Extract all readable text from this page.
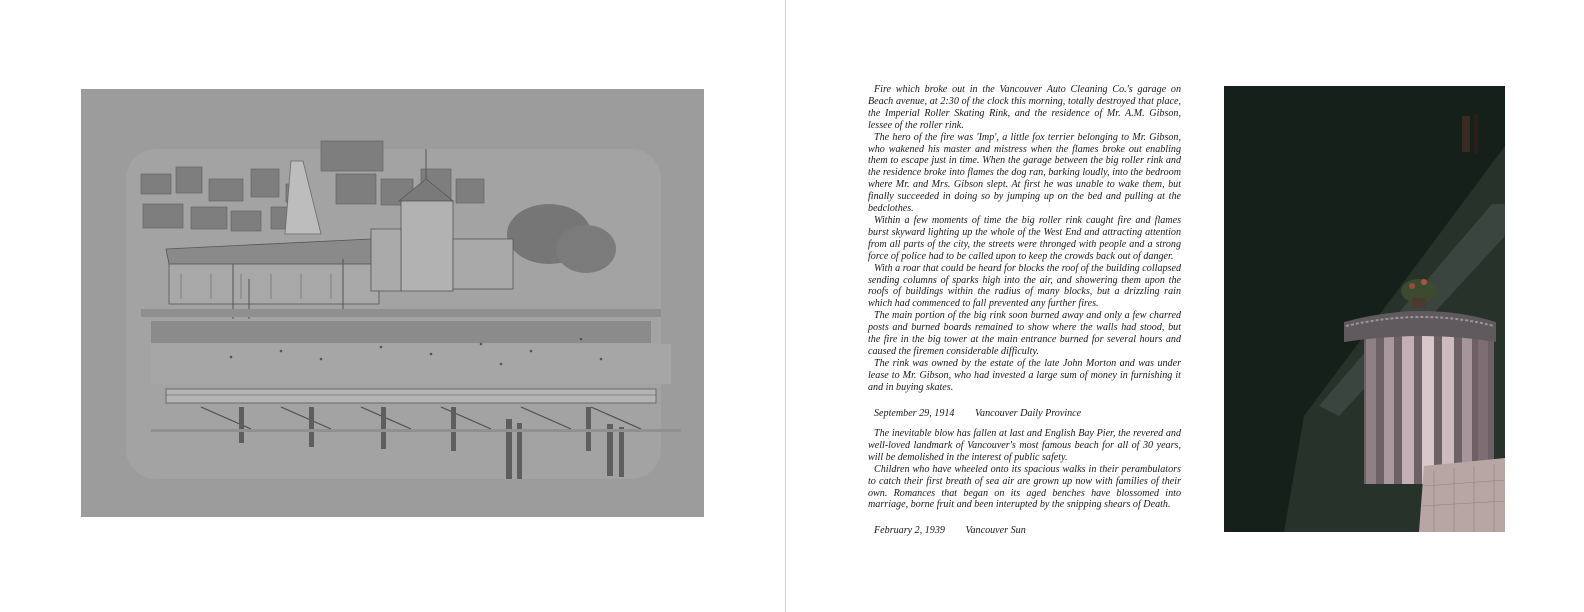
Fire which broke out in the Vancouver Auto Cleaning Co.'s garage on Beach avenue, at 2:30 of the clock this morning, totally destroyed that place, the Imperial Roller Skating Rink, and the residence of Mr. A.M. Gibson, lessee of the roller rink.

The hero of the fire was 'Imp', a little fox terrier belonging to Mr. Gibson, who wakened his master and mistress when the flames broke out enabling them to escape just in time. When the garage between the big roller rink and the residence broke into flames the dog ran, barking loudly, into the bedroom where Mr. and Mrs. Gibson slept. At first he was unable to wake them, but finally succeeded in doing so by jumping up on the bed and pulling at the bedclothes.

Within a few moments of time the big roller rink caught fire and flames burst skyward lighting up the whole of the West End and attracting attention from all parts of the city, the streets were thronged with people and a strong force of police had to be called upon to keep the crowds back out of danger.

With a roar that could be heard for blocks the roof of the building collapsed sending columns of sparks high into the air, and showering them upon the roofs of buildings within the radius of many blocks, but a drizzling rain which had commenced to fall prevented any further fires.

The main portion of the big rink soon burned away and only a few charred posts and burned boards remained to show where the walls had stood, but the fire in the big tower at the main entrance burned for several hours and caused the firemen considerable difficulty.

The rink was owned by the estate of the late John Morton and was under lease to Mr. Gibson, who had invested a large sum of money in furnishing it and in buying skates.

September 29, 1914 Vancouver Daily Province

The inevitable blow has fallen at last and English Bay Pier, the revered and well-loved landmark of Vancouver's most famous beach for all of 30 years, will be demolished in the interest of public safety.

Children who have wheeled onto its spacious walks in their perambulators to catch their first breath of sea air are grown up now with families of their own. Romances that began on its aged benches have blossomed into marriage, borne fruit and been interupted by the snipping shears of Death.

February 2, 1939 Vancouver Sun
